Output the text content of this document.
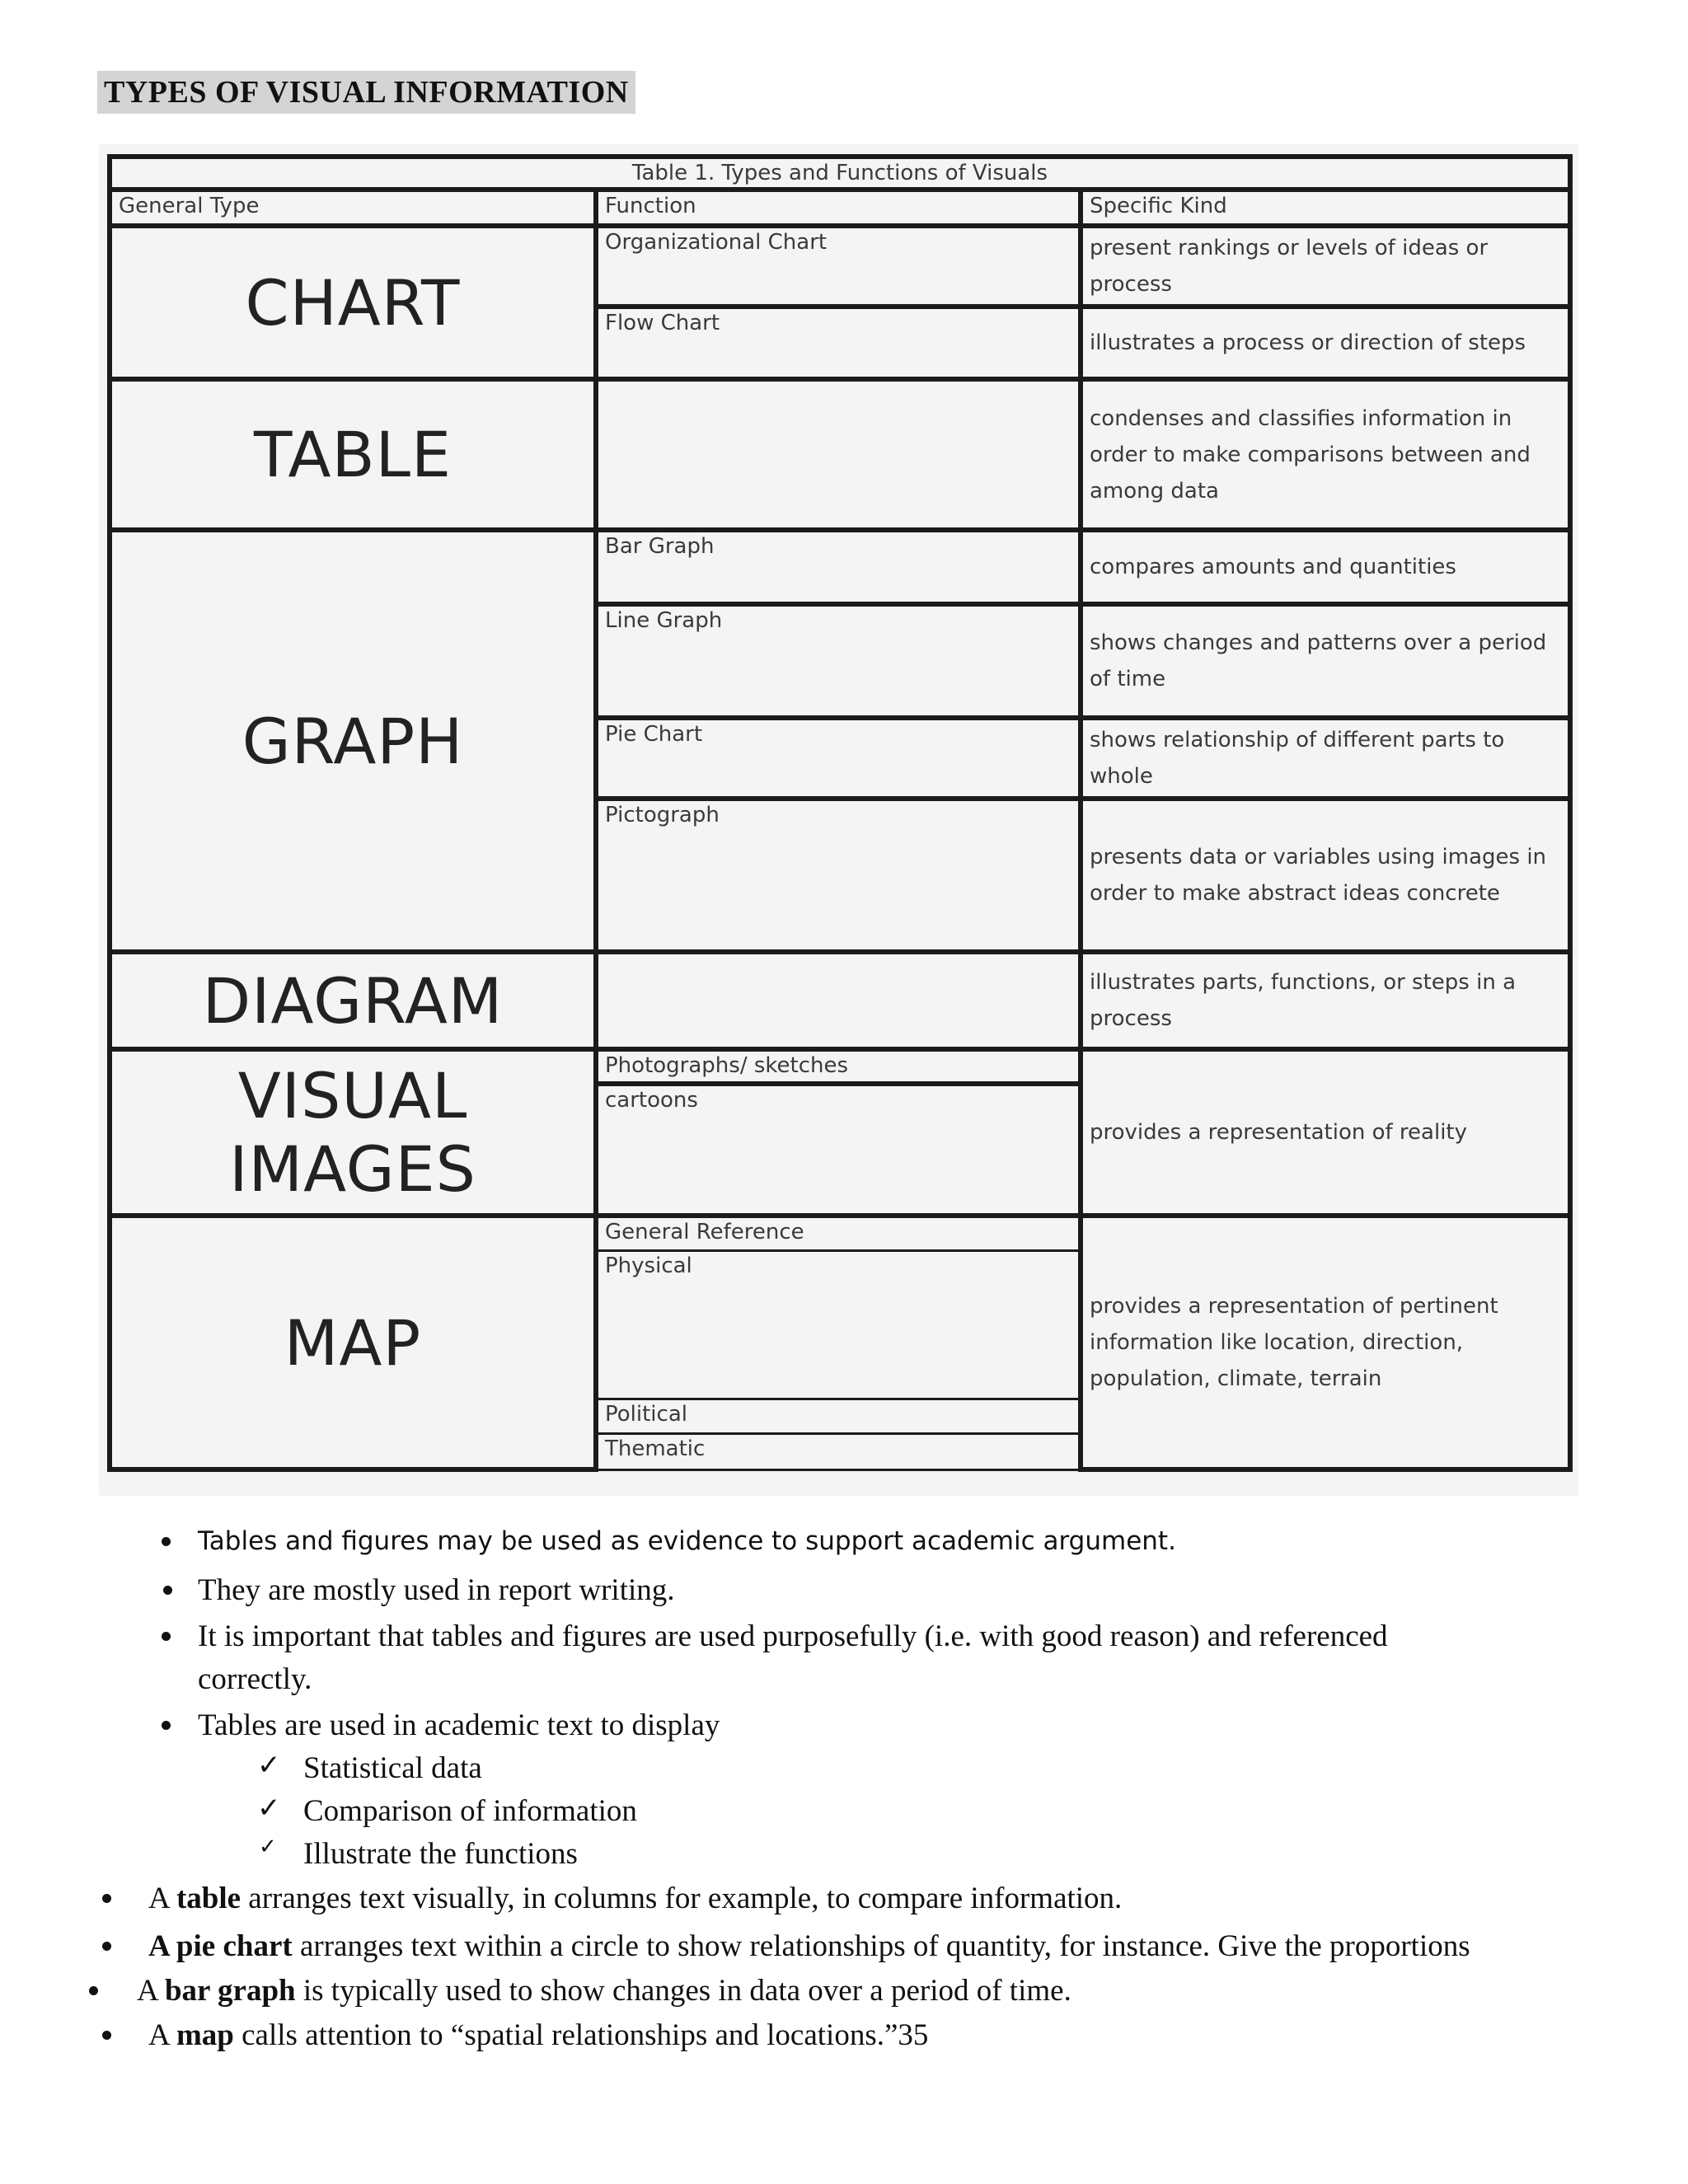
TYPES OF VISUAL INFORMATION
Table 1. Types and Functions of Visuals		
General Type	Function	Specific Kind
CHART	Organizational Chart	present rankings or levels of ideas or process
	Flow Chart	illustrates a process or direction of steps
TABLE		condenses and classifies information in order to make comparisons between and among data
GRAPH	Bar Graph	compares amounts and quantities
	Line Graph	shows changes and patterns over a period of time
	Pie Chart	shows relationship of different parts to whole
	Pictograph	presents data or variables using images in order to make abstract ideas concrete
DIAGRAM		illustrates parts, functions, or steps in a process
VISUAL IMAGES	Photographs/ sketches	provides a representation of reality
	cartoons	
MAP	General Reference	provides a representation of pertinent information like location, direction, population, climate, terrain
	Physical	
	Political	
	Thematic	
Tables and figures may be used as evidence to support academic argument.
They are mostly used in report writing.
It is important that tables and figures are used purposefully (i.e. with good reason) and referenced
correctly.
Tables are used in academic text to display
✓ Statistical data
✓ Comparison of information
✓ Illustrate the functions
A table arranges text visually, in columns for example, to compare information.
A pie chart arranges text within a circle to show relationships of quantity, for instance. Give the proportions
A bar graph is typically used to show changes in data over a period of time.
A map calls attention to “spatial relationships and locations.”35
